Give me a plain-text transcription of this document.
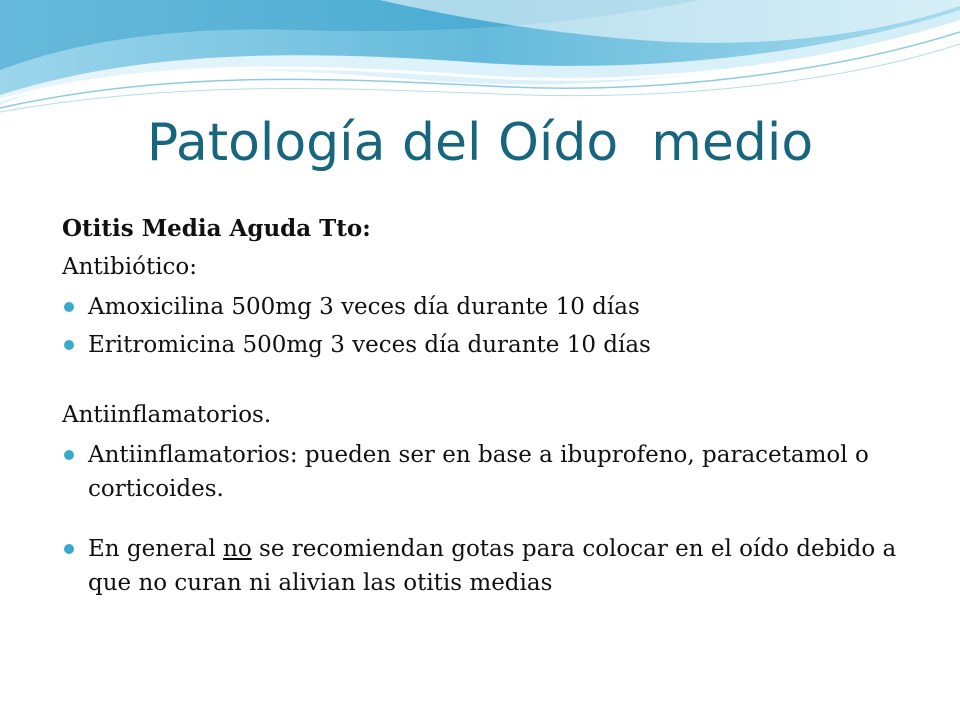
Patología del Oído  medio
Otitis Media Aguda Tto:
Antibiótico:
Amoxicilina 500mg 3 veces día durante 10 días
Eritromicina 500mg 3 veces día durante 10 días
Antiinflamatorios.
Antiinflamatorios: pueden ser en base a ibuprofeno, paracetamol o corticoides.
En general no se recomiendan gotas para colocar en el oído debido a que no curan ni alivian las otitis medias
